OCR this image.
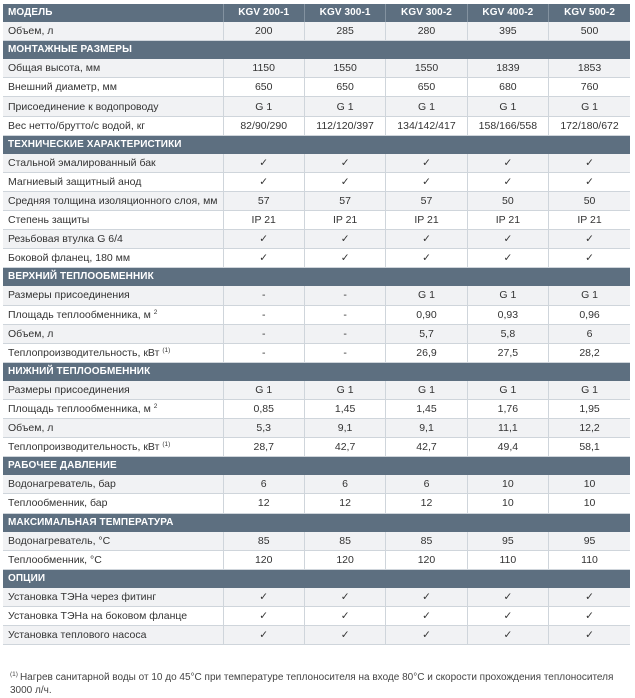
МОДЕЛЬ	KGV 200-1	KGV 300-1	KGV 300-2	KGV 400-2	KGV 500-2
Объем, л	200	285	280	395	500
МОНТАЖНЫЕ РАЗМЕРЫ					
Общая высота, мм	1150	1550	1550	1839	1853
Внешний диаметр, мм	650	650	650	680	760
Присоединение к водопроводу	G 1	G 1	G 1	G 1	G 1
Вес нетто/брутто/с водой, кг	82/90/290	112/120/397	134/142/417	158/166/558	172/180/672
ТЕХНИЧЕСКИЕ ХАРАКТЕРИСТИКИ					
Стальной эмалированный бак	✓	✓	✓	✓	✓
Магниевый защитный анод	✓	✓	✓	✓	✓
Средняя толщина изоляционного слоя, мм	57	57	57	50	50
Степень защиты	IP 21	IP 21	IP 21	IP 21	IP 21
Резьбовая втулка G 6/4	✓	✓	✓	✓	✓
Боковой фланец, 180 мм	✓	✓	✓	✓	✓
ВЕРХНИЙ ТЕПЛООБМЕННИК					
Размеры присоединения	-	-	G 1	G 1	G 1
Площадь теплообменника, м $^2$	-	-	0,90	0,93	0,96
Объем, л	-	-	5,7	5,8	6
Теплопроизводительность, кВт $^{(1)}$	-	-	26,9	27,5	28,2
НИЖНИЙ ТЕПЛООБМЕННИК					
Размеры присоединения	G 1	G 1	G 1	G 1	G 1
Площадь теплообменника, м $^2$	0,85	1,45	1,45	1,76	1,95
Объем, л	5,3	9,1	9,1	11,1	12,2
Теплопроизводительность, кВт $^{(1)}$	28,7	42,7	42,7	49,4	58,1
РАБОЧЕЕ ДАВЛЕНИЕ					
Водонагреватель, бар	6	6	6	10	10
Теплообменник, бар	12	12	12	10	10
МАКСИМАЛЬНАЯ ТЕМПЕРАТУРА					
Водонагреватель, °С	85	85	85	95	95
Теплообменник, °С	120	120	120	110	110
ОПЦИИ					
Установка ТЭНа через фитинг	✓	✓	✓	✓	✓
Установка ТЭНа на боковом фланце	✓	✓	✓	✓	✓
Установка теплового насоса	✓	✓	✓	✓	✓
$^{(1)}$ Нагрев санитарной воды от 10 до 45°С при температуре теплоносителя на входе 80°С и скорости прохождения теплоносителя 3000 л/ч.
